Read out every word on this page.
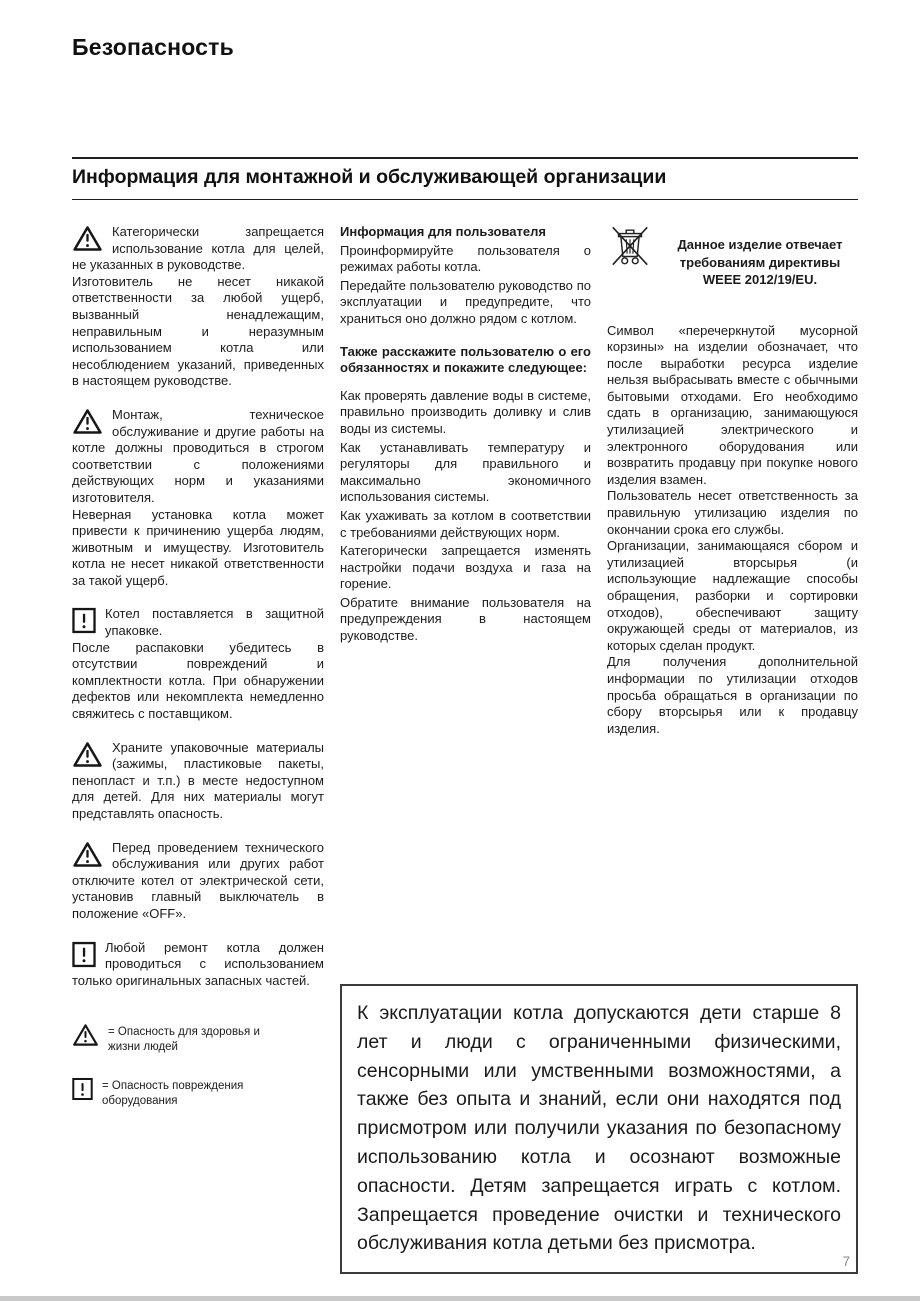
Безопасность
Информация для монтажной и обслуживающей организации

Категорически запрещается использование котла для целей, не указанных в руководстве.

Изготовитель не несет никакой ответственности за любой ущерб, вызванный ненадлежащим, неправильным и неразумным использованием котла или несоблюдением указаний, приведенных в настоящем руководстве.

Монтаж, техническое обслуживание и другие работы на котле должны проводиться в строгом соответствии с положениями действующих норм и указаниями изготовителя.

Неверная установка котла может привести к причинению ущерба людям, животным и имуществу. Изготовитель котла не несет никакой ответственности за такой ущерб.

Котел поставляется в защитной упаковке.

После распаковки убедитесь в отсутствии повреждений и комплектности котла. При обнаружении дефектов или некомплекта немедленно свяжитесь с поставщиком.

Храните упаковочные материалы (зажимы, пластиковые пакеты, пенопласт и т.п.) в месте недоступном для детей. Для них материалы могут представлять опасность.

Перед проведением технического обслуживания или других работ отключите котел от электрической сети, установив главный выключатель в положение «OFF».

Любой ремонт котла должен проводиться с использованием только оригинальных запасных частей.

= Опасность для здоровья и жизни людей

= Опасность повреждения оборудования

Информация для пользователя

Проинформируйте пользователя о режимах работы котла.

Передайте пользователю руководство по эксплуатации и предупредите, что храниться оно должно рядом с котлом.

Также расскажите пользователю о его обязанностях и покажите следующее:

Как проверять давление воды в системе, правильно производить доливку и слив воды из системы.

Как устанавливать температуру и регуляторы для правильного и максимально экономичного использования системы.

Как ухаживать за котлом в соответствии с требованиями действующих норм.

Категорически запрещается изменять настройки подачи воздуха и газа на горение.

Обратите внимание пользователя на предупреждения в настоящем руководстве.

Данное изделие отвечает требованиям директивы WEEE 2012/19/EU.

Символ «перечеркнутой мусорной корзины» на изделии обозначает, что после выработки ресурса изделие нельзя выбрасывать вместе с обычными бытовыми отходами. Его необходимо сдать в организацию, занимающуюся утилизацией электрического и электронного оборудования или возвратить продавцу при покупке нового изделия взамен.

Пользователь несет ответственность за правильную утилизацию изделия по окончании срока его службы.

Организации, занимающаяся сбором и утилизацией вторсырья (и использующие надлежащие способы обращения, разборки и сортировки отходов), обеспечивают защиту окружающей среды от материалов, из которых сделан продукт.

Для получения дополнительной информации по утилизации отходов просьба обращаться в организации по сбору вторсырья или к продавцу изделия.

К эксплуатации котла допускаются дети старше 8 лет и люди с ограниченными физическими, сенсорными или умственными возможностями, а также без опыта и знаний, если они находятся под присмотром или получили указания по безопасному использованию котла и осознают возможные опасности. Детям запрещается играть с котлом. Запрещается проведение очистки и технического обслуживания котла детьми без присмотра.

7
